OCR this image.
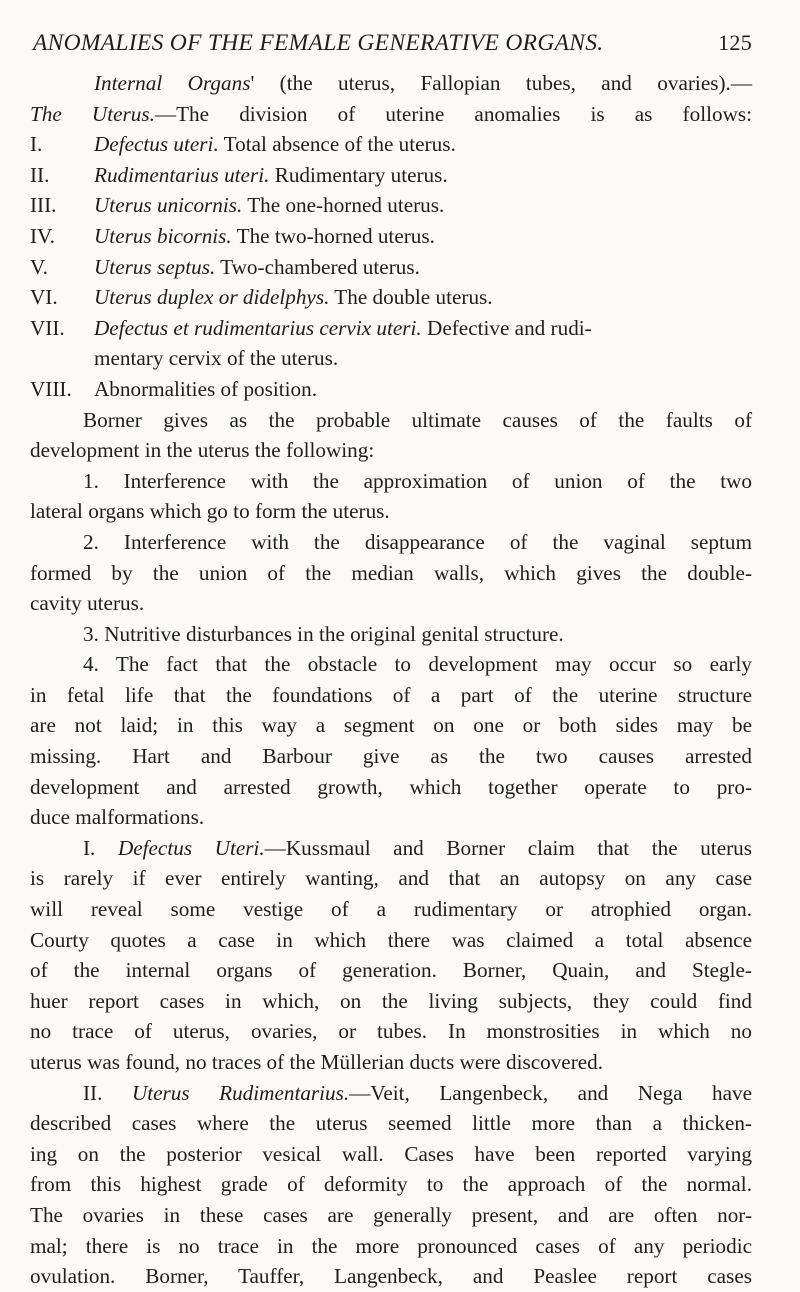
ANOMALIES OF THE FEMALE GENERATIVE ORGANS.	125
Internal Organs' (the uterus, Fallopian tubes, and ovaries).—
The Uterus.—The division of uterine anomalies is as follows:
I.	Defectus uteri. Total absence of the uterus.
II.	Rudimentarius uteri. Rudimentary uterus.
III.	Uterus unicornis. The one-horned uterus.
IV.	Uterus bicornis. The two-horned uterus.
V.	Uterus septus. Two-chambered uterus.
VI.	Uterus duplex or didelphys. The double uterus.
VII.	Defectus et rudimentarius cervix uteri. Defective and rudi-
mentary cervix of the uterus.
VIII.	Abnormalities of position.
Borner gives as the probable ultimate causes of the faults of
development in the uterus the following:
1. Interference with the approximation of union of the two
lateral organs which go to form the uterus.
2. Interference with the disappearance of the vaginal septum
formed by the union of the median walls, which gives the double-
cavity uterus.
3. Nutritive disturbances in the original genital structure.
4. The fact that the obstacle to development may occur so early
in fetal life that the foundations of a part of the uterine structure
are not laid; in this way a segment on one or both sides may be
missing. Hart and Barbour give as the two causes arrested
development and arrested growth, which together operate to pro-
duce malformations.
I. Defectus Uteri.—Kussmaul and Borner claim that the uterus
is rarely if ever entirely wanting, and that an autopsy on any case
will reveal some vestige of a rudimentary or atrophied organ.
Courty quotes a case in which there was claimed a total absence
of the internal organs of generation. Borner, Quain, and Stegle-
huer report cases in which, on the living subjects, they could find
no trace of uterus, ovaries, or tubes. In monstrosities in which no
uterus was found, no traces of the Müllerian ducts were discovered.
II. Uterus Rudimentarius.—Veit, Langenbeck, and Nega have
described cases where the uterus seemed little more than a thicken-
ing on the posterior vesical wall. Cases have been reported varying
from this highest grade of deformity to the approach of the normal.
The ovaries in these cases are generally present, and are often nor-
mal; there is no trace in the more pronounced cases of any periodic
ovulation. Borner, Tauffer, Langenbeck, and Peaslee report cases
